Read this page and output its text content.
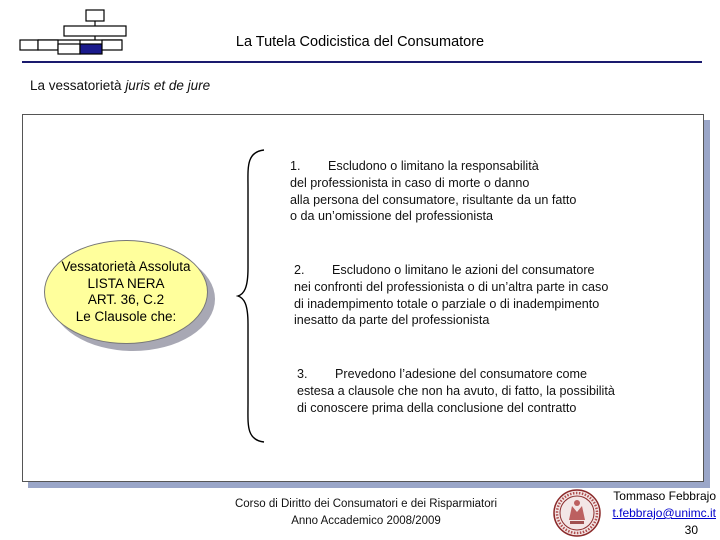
La Tutela Codicistica del Consumatore
La vessatorietà juris et de jure
Vessatorietà Assoluta
LISTA NERA
ART. 36, C.2
Le Clausole che:
1. Escludono o limitano la responsabilità
del professionista in caso di morte o danno
alla persona del consumatore, risultante da un fatto
o da un’omissione del professionista
2. Escludono o limitano le azioni del consumatore
nei confronti del professionista o di un’altra parte in caso
di inadempimento totale o parziale o di inadempimento
inesatto da parte del professionista
3. Prevedono l’adesione del consumatore come
estesa a clausole che non ha avuto, di fatto, la possibilità
di conoscere prima della conclusione del contratto
Corso di Diritto dei Consumatori e dei Risparmiatori
Anno Accademico 2008/2009
Tommaso Febbrajo
t.febbrajo@unimc.it
30
